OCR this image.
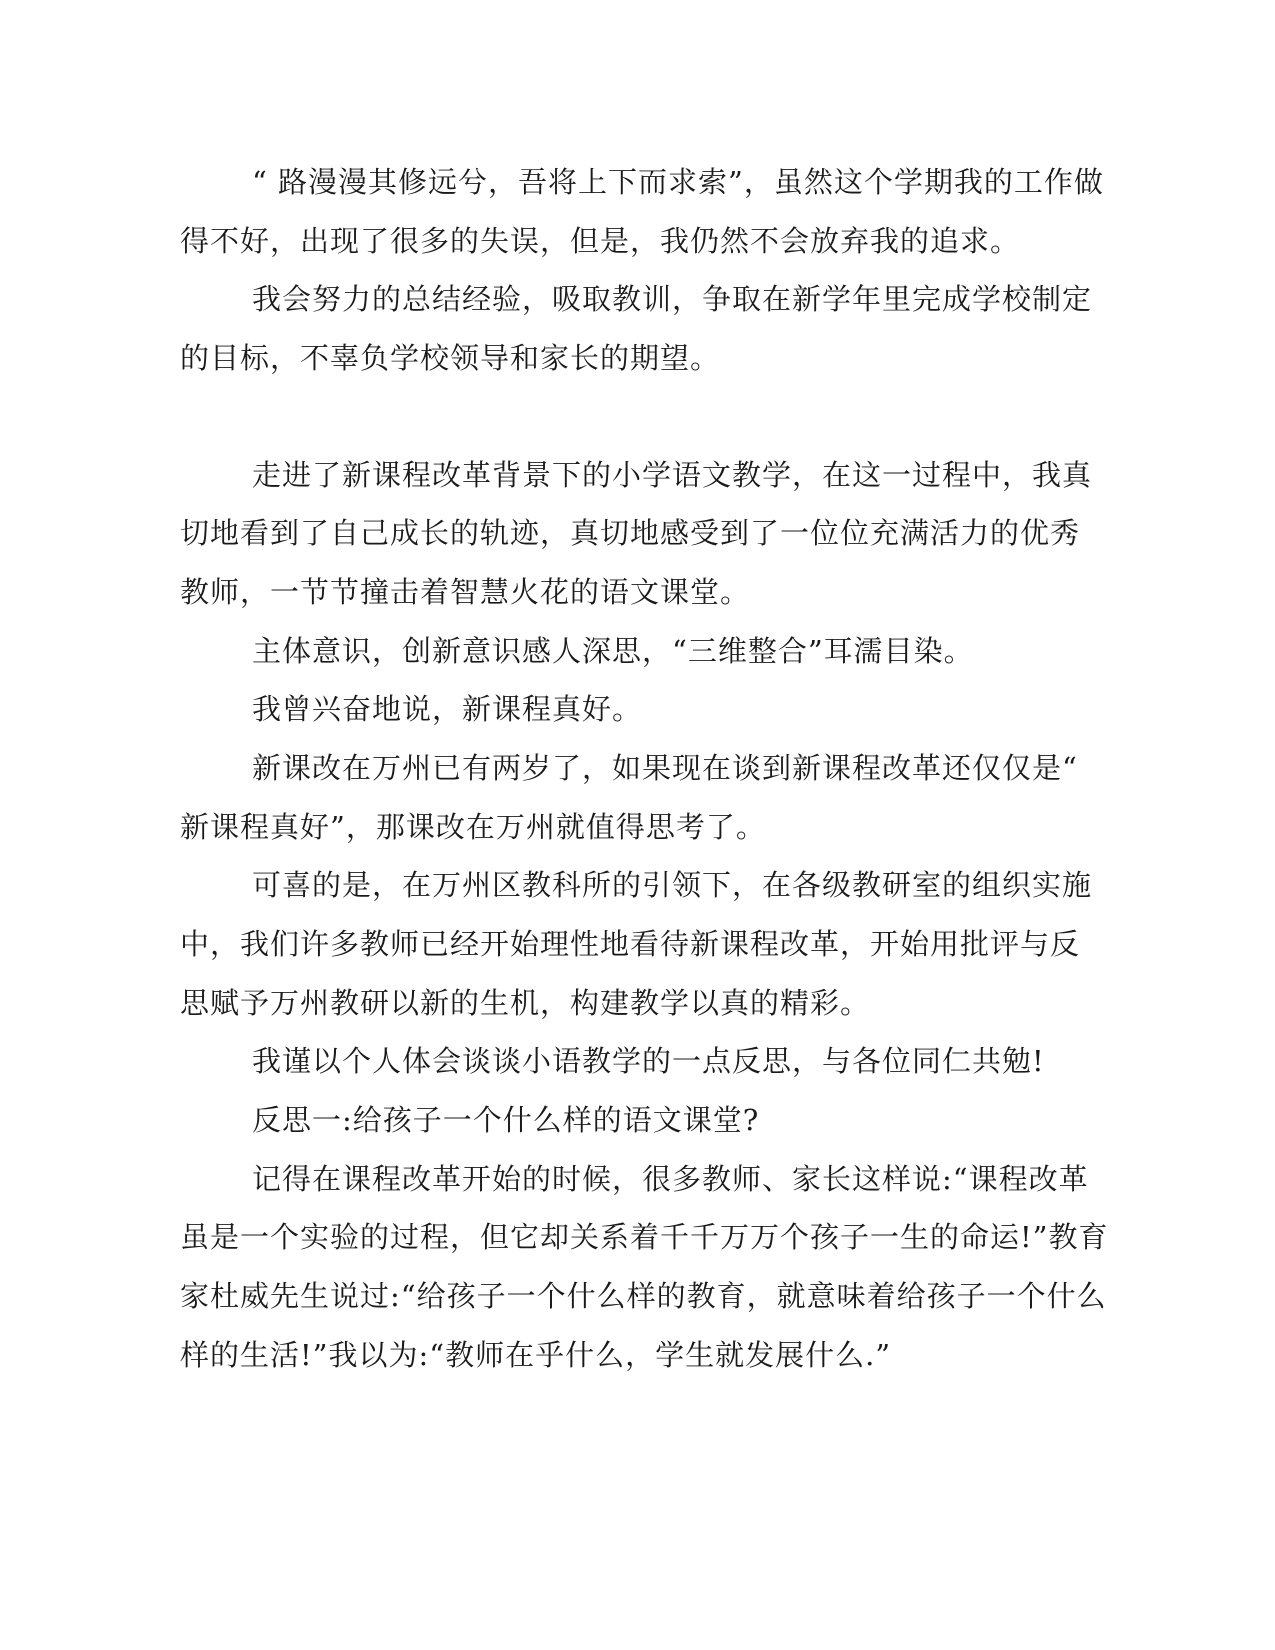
“ 路漫漫其修远兮，吾将上下而求索”，虽然这个学期我的工作做
得不好，出现了很多的失误，但是，我仍然不会放弃我的追求。
我会努力的总结经验，吸取教训，争取在新学年里完成学校制定
的目标，不辜负学校领导和家长的期望。
走进了新课程改革背景下的小学语文教学，在这一过程中，我真
切地看到了自己成长的轨迹，真切地感受到了一位位充满活力的优秀
教师，一节节撞击着智慧火花的语文课堂。
主体意识，创新意识感人深思，“三维整合”耳濡目染。
我曾兴奋地说，新课程真好。
新课改在万州已有两岁了，如果现在谈到新课程改革还仅仅是“
新课程真好”，那课改在万州就值得思考了。
可喜的是，在万州区教科所的引领下，在各级教研室的组织实施
中，我们许多教师已经开始理性地看待新课程改革，开始用批评与反
思赋予万州教研以新的生机，构建教学以真的精彩。
我谨以个人体会谈谈小语教学的一点反思，与各位同仁共勉!
反思一:给孩子一个什么样的语文课堂?
记得在课程改革开始的时候，很多教师、家长这样说:“课程改革
虽是一个实验的过程，但它却关系着千千万万个孩子一生的命运!”教育
家杜威先生说过:“给孩子一个什么样的教育，就意味着给孩子一个什么
样的生活!”我以为:“教师在乎什么，学生就发展什么.”
